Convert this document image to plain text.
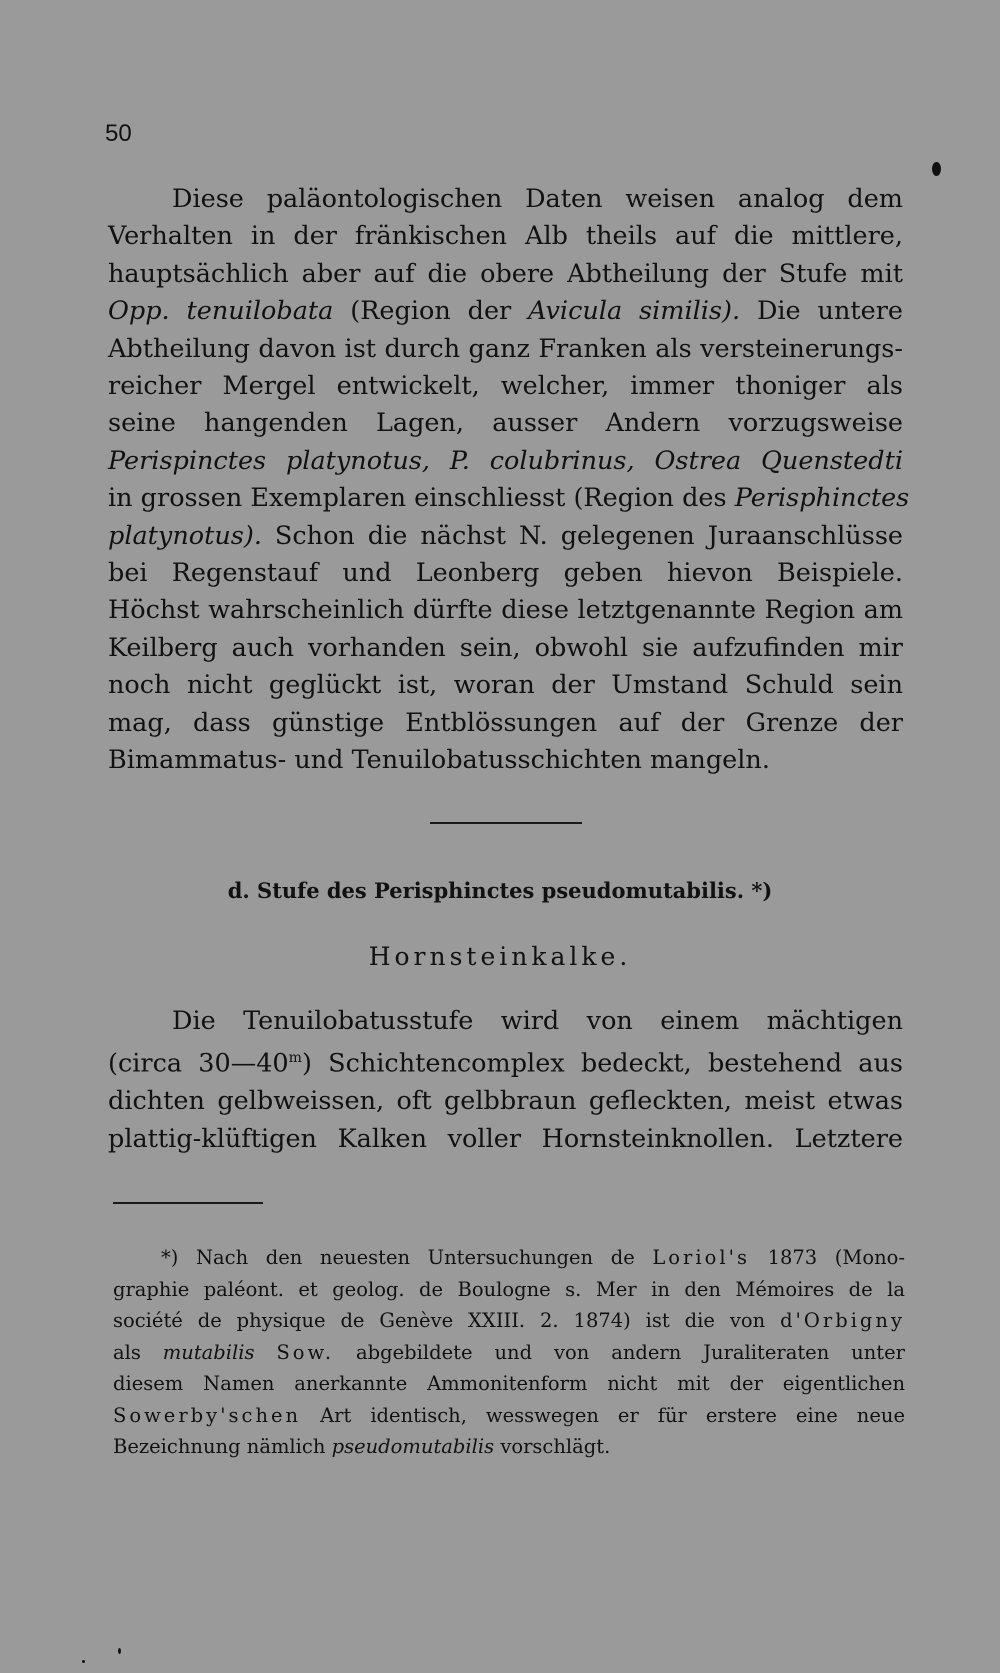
50
Diese paläontologischen Daten weisen analog dem
Verhalten in der fränkischen Alb theils auf die mittlere,
hauptsächlich aber auf die obere Abtheilung der Stufe mit
Opp. tenuilobata (Region der Avicula similis). Die untere
Abtheilung davon ist durch ganz Franken als versteinerungs-
reicher Mergel entwickelt, welcher, immer thoniger als
seine hangenden Lagen, ausser Andern vorzugsweise
Perispinctes platynotus, P. colubrinus, Ostrea Quenstedti
in grossen Exemplaren einschliesst (Region des Perisphinctes
platynotus). Schon die nächst N. gelegenen Juraanschlüsse
bei Regenstauf und Leonberg geben hievon Beispiele.
Höchst wahrscheinlich dürfte diese letztgenannte Region am
Keilberg auch vorhanden sein, obwohl sie aufzufinden mir
noch nicht geglückt ist, woran der Umstand Schuld sein
mag, dass günstige Entblössungen auf der Grenze der
Bimammatus- und Tenuilobatusschichten mangeln.
d. Stufe des Perisphinctes pseudomutabilis. *)
Hornsteinkalke.
Die Tenuilobatusstufe wird von einem mächtigen
(circa 30—40$^m$) Schichtencomplex bedeckt, bestehend aus
dichten gelbweissen, oft gelbbraun gefleckten, meist etwas
plattig-klüftigen Kalken voller Hornsteinknollen. Letztere
*) Nach den neuesten Untersuchungen de Loriol's 1873 (Mono-
graphie paléont. et geolog. de Boulogne s. Mer in den Mémoires de la
société de physique de Genève XXIII. 2. 1874) ist die von d'Orbigny
als mutabilis Sow. abgebildete und von andern Juraliteraten unter
diesem Namen anerkannte Ammonitenform nicht mit der eigentlichen
Sowerby'schen Art identisch, wesswegen er für erstere eine neue
Bezeichnung nämlich pseudomutabilis vorschlägt.
